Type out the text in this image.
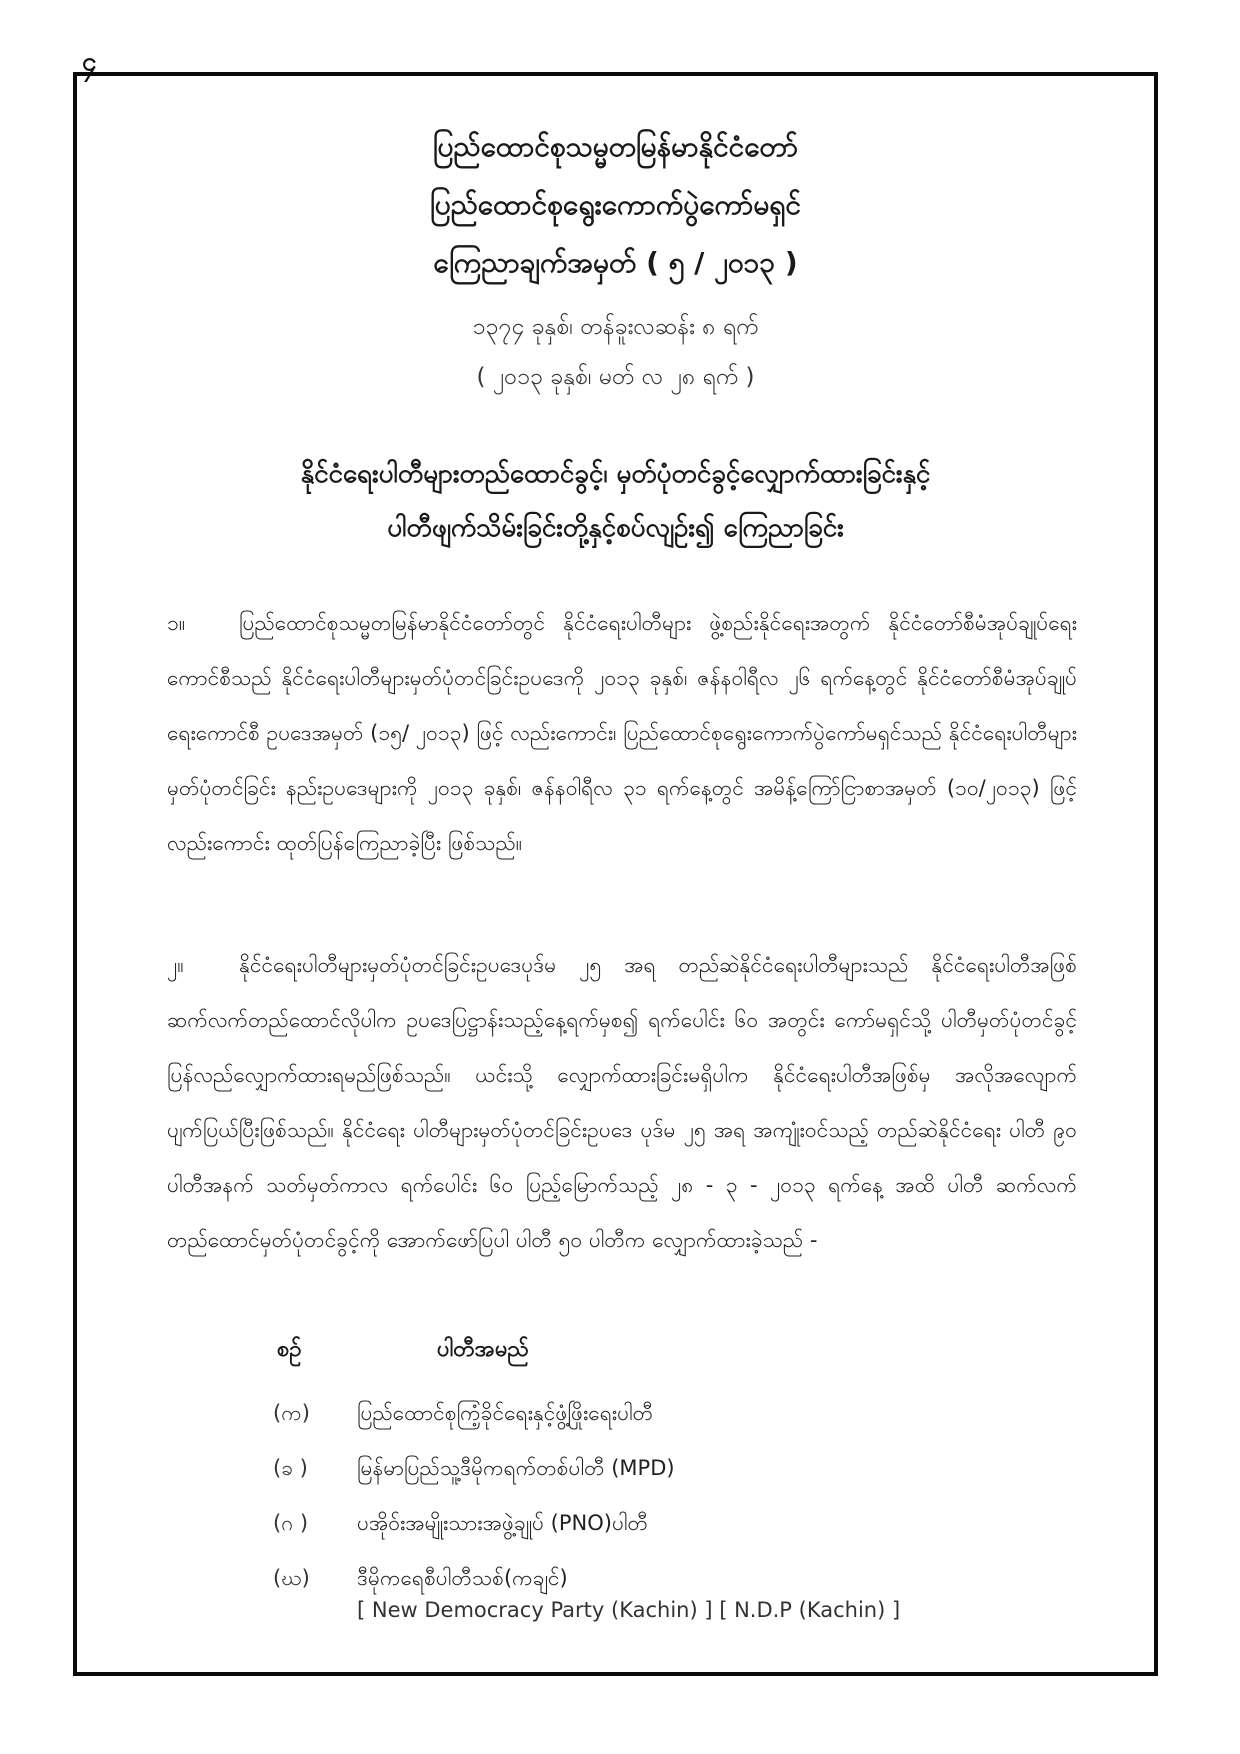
၄
ပြည်ထောင်စုသမ္မတမြန်မာနိုင်ငံတော်
ပြည်ထောင်စုရွေးကောက်ပွဲကော်မရှင်
ကြေညာချက်အမှတ် ( ၅ / ၂၀၁၃ )
၁၃၇၄ ခုနှစ်၊ တန်ခူးလဆန်း ၈ ရက်
( ၂၀၁၃ ခုနှစ်၊ မတ် လ ၂၈ ရက် )
နိုင်ငံရေးပါတီများတည်ထောင်ခွင့်၊ မှတ်ပုံတင်ခွင့်လျှောက်ထားခြင်းနှင့်
ပါတီဖျက်သိမ်းခြင်းတို့နှင့်စပ်လျဉ်း၍ ကြေညာခြင်း
၁။	ပြည်ထောင်စုသမ္မတမြန်မာနိုင်ငံတော်တွင် နိုင်ငံရေးပါတီများ ဖွဲ့စည်းနိုင်ရေးအတွက် နိုင်ငံတော်စီမံအုပ်ချုပ်ရေးကောင်စီသည် နိုင်ငံရေးပါတီများမှတ်ပုံတင်ခြင်းဥပဒေကို ၂၀၁၃ ခုနှစ်၊ ဇန်နဝါရီလ ၂၆ ရက်နေ့တွင် နိုင်ငံတော်စီမံအုပ်ချုပ်ရေးကောင်စီ ဥပဒေအမှတ် (၁၅/ ၂၀၁၃) ဖြင့် လည်းကောင်း၊ ပြည်ထောင်စုရွေးကောက်ပွဲကော်မရှင်သည် နိုင်ငံရေးပါတီများမှတ်ပုံတင်ခြင်း နည်းဥပဒေများကို ၂၀၁၃ ခုနှစ်၊ ဇန်နဝါရီလ ၃၁ ရက်နေ့တွင် အမိန့်ကြော်ငြာစာအမှတ် (၁၀/၂၀၁၃) ဖြင့်လည်းကောင်း ထုတ်ပြန်ကြေညာခဲ့ပြီး ဖြစ်သည်။
၂။	နိုင်ငံရေးပါတီများမှတ်ပုံတင်ခြင်းဥပဒေပုဒ်မ ၂၅ အရ တည်ဆဲနိုင်ငံရေးပါတီများသည် နိုင်ငံရေးပါတီအဖြစ် ဆက်လက်တည်ထောင်လိုပါက ဥပဒေပြဋ္ဌာန်းသည့်နေ့ရက်မှစ၍ ရက်ပေါင်း ၆၀ အတွင်း ကော်မရှင်သို့ ပါတီမှတ်ပုံတင်ခွင့် ပြန်လည်လျှောက်ထားရမည်ဖြစ်သည်။ ယင်းသို့ လျှောက်ထားခြင်းမရှိပါက နိုင်ငံရေးပါတီအဖြစ်မှ အလိုအလျောက်ပျက်ပြယ်ပြီးဖြစ်သည်။ နိုင်ငံရေး ပါတီများမှတ်ပုံတင်ခြင်းဥပဒေ ပုဒ်မ ၂၅ အရ အကျုံးဝင်သည့် တည်ဆဲနိုင်ငံရေး ပါတီ ၉၀ ပါတီအနက် သတ်မှတ်ကာလ ရက်ပေါင်း ၆၀ ပြည့်မြောက်သည့် ၂၈ - ၃ - ၂၀၁၃ ရက်နေ့ အထိ ပါတီ ဆက်လက် တည်ထောင်မှတ်ပုံတင်ခွင့်ကို အောက်ဖော်ပြပါ ပါတီ ၅၀ ပါတီက လျှောက်ထားခဲ့သည် -
စဉ်	ပါတီအမည်
(က)	ပြည်ထောင်စုကြံ့ခိုင်ရေးနှင့်ဖွံ့ဖြိုးရေးပါတီ
(ခ )	မြန်မာပြည်သူ့ဒီမိုကရက်တစ်ပါတီ (MPD)
(ဂ )	ပအိုဝ်းအမျိုးသားအဖွဲ့ချုပ် (PNO)ပါတီ
(ဃ)	ဒီမိုကရေစီပါတီသစ်(ကချင်)
[ New Democracy Party (Kachin) ] [ N.D.P (Kachin) ]
